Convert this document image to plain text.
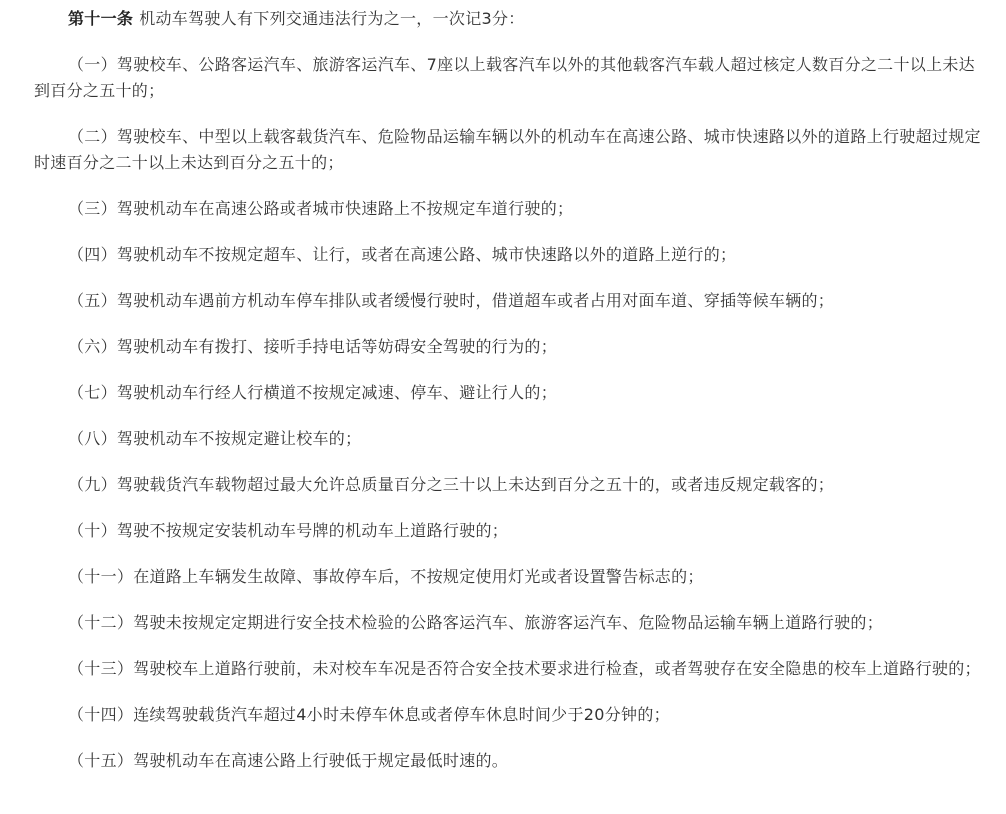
第十一条 机动车驾驶人有下列交通违法行为之一，一次记3分：

（一）驾驶校车、公路客运汽车、旅游客运汽车、7座以上载客汽车以外的其他载客汽车载人超过核定人数百分之二十以上未达到百分之五十的；

（二）驾驶校车、中型以上载客载货汽车、危险物品运输车辆以外的机动车在高速公路、城市快速路以外的道路上行驶超过规定时速百分之二十以上未达到百分之五十的；

（三）驾驶机动车在高速公路或者城市快速路上不按规定车道行驶的；

（四）驾驶机动车不按规定超车、让行，或者在高速公路、城市快速路以外的道路上逆行的；

（五）驾驶机动车遇前方机动车停车排队或者缓慢行驶时，借道超车或者占用对面车道、穿插等候车辆的；

（六）驾驶机动车有拨打、接听手持电话等妨碍安全驾驶的行为的；

（七）驾驶机动车行经人行横道不按规定减速、停车、避让行人的；

（八）驾驶机动车不按规定避让校车的；

（九）驾驶载货汽车载物超过最大允许总质量百分之三十以上未达到百分之五十的，或者违反规定载客的；

（十）驾驶不按规定安装机动车号牌的机动车上道路行驶的；

（十一）在道路上车辆发生故障、事故停车后，不按规定使用灯光或者设置警告标志的；

（十二）驾驶未按规定定期进行安全技术检验的公路客运汽车、旅游客运汽车、危险物品运输车辆上道路行驶的；

（十三）驾驶校车上道路行驶前，未对校车车况是否符合安全技术要求进行检查，或者驾驶存在安全隐患的校车上道路行驶的；

（十四）连续驾驶载货汽车超过4小时未停车休息或者停车休息时间少于20分钟的；

（十五）驾驶机动车在高速公路上行驶低于规定最低时速的。
